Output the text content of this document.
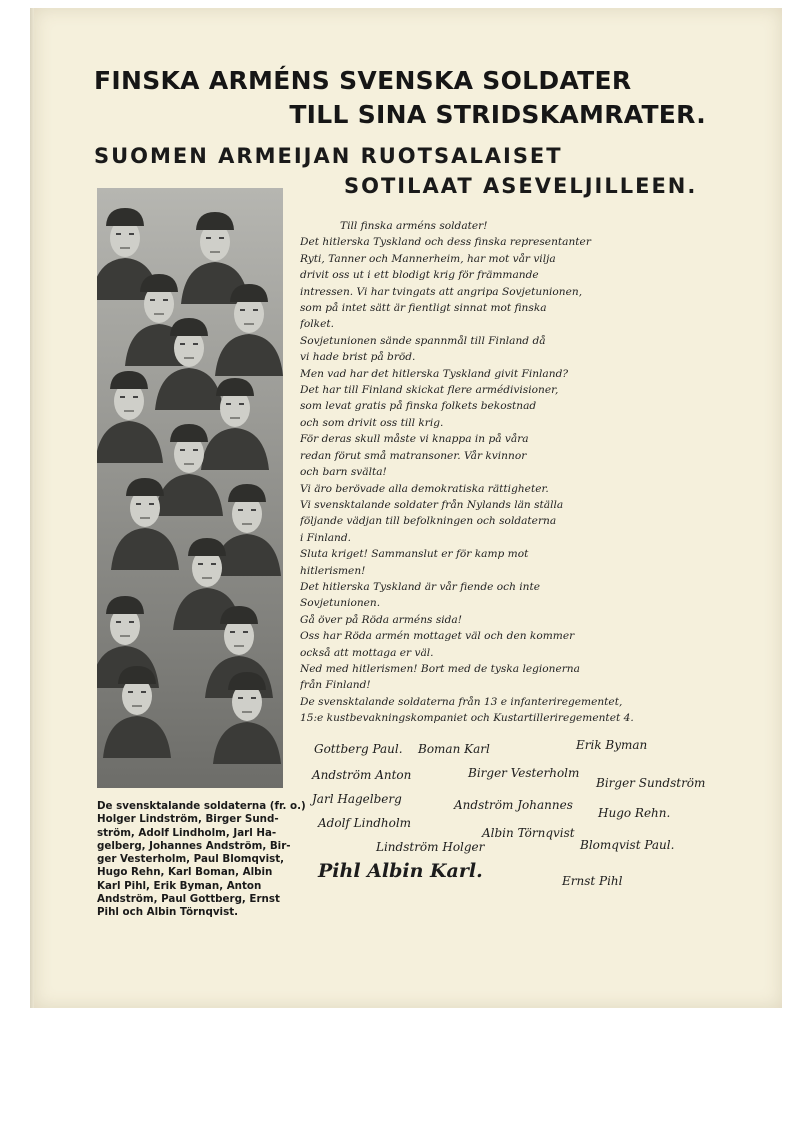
FINSKA ARMÉNS SVENSKA SOLDATER
TILL SINA STRIDSKAMRATER.
SUOMEN ARMEIJAN RUOTSALAISET
SOTILAAT ASEVELJILLEEN.
De svensktalande soldaterna (fr. o.)
Holger Lindström, Birger Sund-
ström, Adolf Lindholm, Jarl Ha-
gelberg, Johannes Andström, Bir-
ger Vesterholm, Paul Blomqvist,
Hugo Rehn, Karl Boman, Albin
Karl Pihl, Erik Byman, Anton
Andström, Paul Gottberg, Ernst
Pihl och Albin Törnqvist.
Till finska arméns soldater!
Det hitlerska Tyskland och dess finska representanter
Ryti, Tanner och Mannerheim, har mot vår vilja
drivit oss ut i ett blodigt krig för främmande
intressen. Vi har tvingats att angripa Sovjetunionen,
som på intet sätt är fientligt sinnat mot finska
folket.
Sovjetunionen sände spannmål till Finland då
vi hade brist på bröd.
Men vad har det hitlerska Tyskland givit Finland?
Det har till Finland skickat flere armédivisioner,
som levat gratis på finska folkets bekostnad
och som drivit oss till krig.
För deras skull måste vi knappa in på våra
redan förut små matransoner. Vår kvinnor
och barn svälta!
Vi äro berövade alla demokratiska rättigheter.
Vi svensktalande soldater från Nylands län ställa
följande vädjan till befolkningen och soldaterna
i Finland.
Sluta kriget! Sammanslut er för kamp mot
hitlerismen!
Det hitlerska Tyskland är vår fiende och inte
Sovjetunionen.
Gå över på Röda arméns sida!
Oss har Röda armén mottaget väl och den kommer
också att mottaga er väl.
Ned med hitlerismen! Bort med de tyska legionerna
från Finland!
De svensktalande soldaterna från 13 e infanteriregementet,
15:e kustbevakningskompaniet och Kustartilleriregementet 4.
Gottberg Paul. Boman Karl	Erik Byman
Andström Anton	Birger Vesterholm
Birger Sundström
Jarl Hagelberg	Andström Johannes
Adolf Lindholm
Hugo Rehn.
Albin Törnqvist
Lindström Holger	Blomqvist Paul.
Pihl Albin Karl.	Ernst Pihl
